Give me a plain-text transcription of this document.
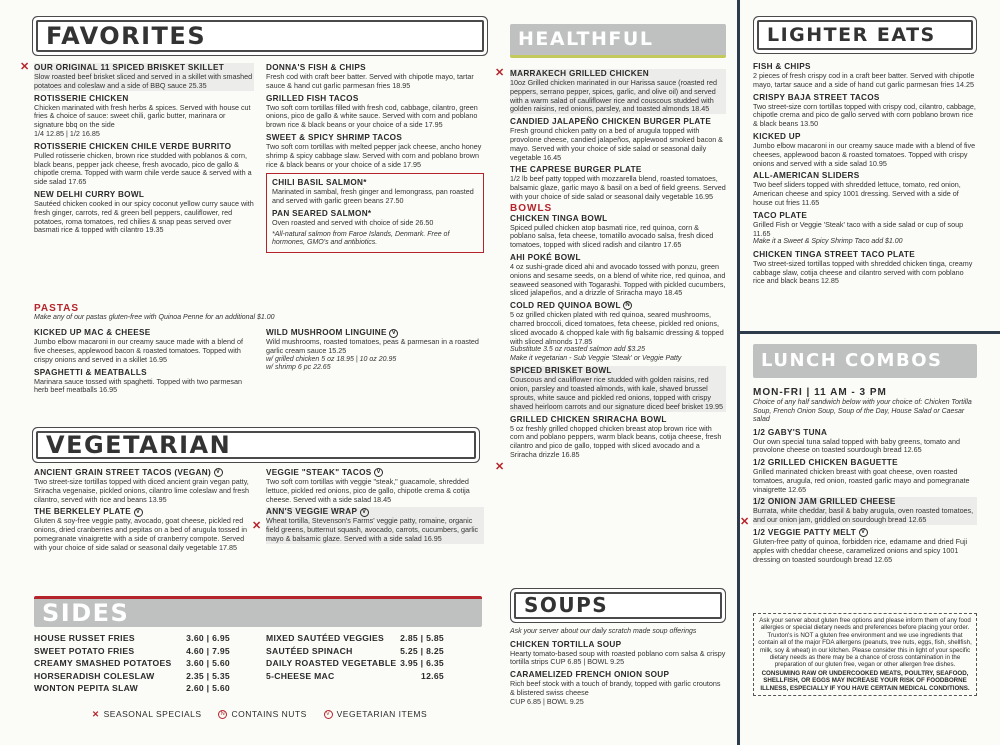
FAVORITES
✕ OUR ORIGINAL 11 SPICED BRISKET SKILLET
Slow roasted beef brisket sliced and served in a skillet with smashed potatoes and coleslaw and a side of BBQ sauce 25.35
ROTISSERIE CHICKEN
Chicken marinated with fresh herbs & spices. Served with house cut fries & choice of sauce: sweet chili, garlic butter, marinara or signature bbq on the side
1/4 12.85 | 1/2 16.85
ROTISSERIE CHICKEN CHILE VERDE BURRITO
Pulled rotisserie chicken, brown rice studded with poblanos & corn, black beans, pepper jack cheese, fresh avocado, pico de gallo & chipotle crema. Topped with warm chile verde sauce & served with a side salad 17.65
NEW DELHI CURRY BOWL
Sautéed chicken cooked in our spicy coconut yellow curry sauce with fresh ginger, carrots, red & green bell peppers, cauliflower, red potatoes, roma tomatoes, red chilies & snap peas served over basmati rice & topped with cilantro 19.35
DONNA'S FISH & CHIPS
Fresh cod with craft beer batter. Served with chipotle mayo, tartar sauce & hand cut garlic parmesan fries 18.95
GRILLED FISH TACOS
Two soft corn tortillas filled with fresh cod, cabbage, cilantro, green onions, pico de gallo & white sauce. Served with corn and poblano brown rice & black beans or your choice of a side 17.95
SWEET & SPICY SHRIMP TACOS
Two soft corn tortillas with melted pepper jack cheese, ancho honey shrimp & spicy cabbage slaw. Served with corn and poblano brown rice & black beans or your choice of a side 17.95
CHILI BASIL SALMON*
Marinated in sambal, fresh ginger and lemongrass, pan roasted and served with garlic green beans 27.50
PAN SEARED SALMON*
Oven roasted and served with choice of side 26.50
*All-natural salmon from Faroe Islands, Denmark. Free of hormones, GMO's and antibiotics.
PASTAS
Make any of our pastas gluten-free with Quinoa Penne for an additional $1.00
KICKED UP MAC & CHEESE
Jumbo elbow macaroni in our creamy sauce made with a blend of five cheeses, applewood bacon & roasted tomatoes. Topped with crispy onions and served in a skillet 16.95
SPAGHETTI & MEATBALLS
Marinara sauce tossed with spaghetti. Topped with two parmesan herb beef meatballs 16.95
WILD MUSHROOM LINGUINE V
Wild mushrooms, roasted tomatoes, peas & parmesan in a roasted garlic cream sauce 15.25
w/ grilled chicken 5 oz 18.95 | 10 oz 20.95
w/ shrimp 6 pc 22.65
VEGETARIAN
ANCIENT GRAIN STREET TACOS (VEGAN) V
Two street-size tortillas topped with diced ancient grain vegan patty, Sriracha vegenaise, pickled onions, cilantro lime coleslaw and fresh cilantro, served with rice and beans 13.95
THE BERKELEY PLATE V
Gluten & soy-free veggie patty, avocado, goat cheese, pickled red onions, dried cranberries and pepitas on a bed of arugula tossed in pomegranate vinaigrette with a side of cranberry compote. Served with your choice of side salad or seasonal daily vegetable 17.85
✕
VEGGIE "STEAK" TACOS V
Two soft corn tortillas with veggie "steak," guacamole, shredded lettuce, pickled red onions, pico de gallo, chipotle crema & cotija cheese. Served with a side salad 18.45
ANN'S VEGGIE WRAP V
Wheat tortilla, Stevenson's Farms' veggie patty, romaine, organic field greens, butternut squash, avocado, carrots, cucumbers, garlic mayo & balsamic glaze. Served with a side salad 16.95
SIDES
HOUSE RUSSET FRIES	3.60 | 6.95
SWEET POTATO FRIES	4.60 | 7.95
CREAMY SMASHED POTATOES 3.60 | 5.60
HORSERADISH COLESLAW	2.35 | 5.35
WONTON PEPITA SLAW	2.60 | 5.60
MIXED SAUTÉED VEGGIES 2.85 | 5.85
SAUTÉED SPINACH	5.25 | 8.25
DAILY ROASTED VEGETABLE 3.95 | 6.35
5-CHEESE MAC	12.65
✕ SEASONAL SPECIALS	N CONTAINS NUTS	V VEGETARIAN ITEMS
HEALTHFUL
✕ MARRAKECH GRILLED CHICKEN
10oz Grilled chicken marinated in our Harissa sauce (roasted red peppers, serrano pepper, spices, garlic, and olive oil) and served with a warm salad of cauliflower rice and couscous studded with golden raisins, red onions, parsley, and toasted almonds 18.45
CANDIED JALAPEÑO CHICKEN BURGER PLATE
Fresh ground chicken patty on a bed of arugula topped with provolone cheese, candied jalapeños, applewood smoked bacon & mayo. Served with your choice of side salad or seasonal daily vegetable 16.45
THE CAPRESE BURGER PLATE
1/2 lb beef patty topped with mozzarella blend, roasted tomatoes, balsamic glaze, garlic mayo & basil on a bed of field greens. Served with your choice of side salad or seasonal daily vegetable 16.95
BOWLS
CHICKEN TINGA BOWL
Spiced pulled chicken atop basmati rice, red quinoa, corn & poblano salsa, feta cheese, tomatillo avocado salsa, fresh diced tomatoes, topped with sliced radish and cilantro 17.65
AHI POKÉ BOWL
4 oz sushi-grade diced ahi and avocado tossed with ponzu, green onions and sesame seeds, on a blend of white rice, red quinoa, and seaweed seasoned with Togarashi. Topped with pickled cucumbers, sliced jalapeños, and a drizzle of Sriracha mayo 18.45
COLD RED QUINOA BOWL N
5 oz grilled chicken plated with red quinoa, seared mushrooms, charred broccoli, diced tomatoes, feta cheese, pickled red onions, sliced avocado & chopped kale with fig balsamic dressing & topped with sliced almonds 17.85
Substitute 3.5 oz roasted salmon add $3.25
Make it vegetarian - Sub Veggie 'Steak' or Veggie Patty
SPICED BRISKET BOWL
Couscous and cauliflower rice studded with golden raisins, red onion, parsley and toasted almonds, with kale, shaved brussel sprouts, white sauce and pickled red onions, topped with crispy shaved heirloom carrots and our signature diced beef brisket 19.95
GRILLED CHICKEN SRIRACHA BOWL
5 oz freshly grilled chopped chicken breast atop brown rice with corn and poblano peppers, warm black beans, cotija cheese, fresh cilantro and pico de gallo, topped with sliced avocado and a Sriracha drizzle 16.85
✕
SOUPS
Ask your server about our daily scratch made soup offerings
CHICKEN TORTILLA SOUP
Hearty tomato-based soup with roasted poblano corn salsa & crispy tortilla strips CUP 6.85 | BOWL 9.25
CARAMELIZED FRENCH ONION SOUP
Rich beef stock with a touch of brandy, topped with garlic croutons & blistered swiss cheese
CUP 6.85 | BOWL 9.25
LIGHTER EATS
FISH & CHIPS
2 pieces of fresh crispy cod in a craft beer batter. Served with chipotle mayo, tartar sauce and a side of hand cut garlic parmesan fries 14.25
CRISPY BAJA STREET TACOS
Two street-size corn tortillas topped with crispy cod, cilantro, cabbage, chipotle crema and pico de gallo served with corn poblano brown rice & black beans 13.50
KICKED UP
Jumbo elbow macaroni in our creamy sauce made with a blend of five cheeses, applewood bacon & roasted tomatoes. Topped with crispy onions and served with a side salad 10.95
ALL-AMERICAN SLIDERS
Two beef sliders topped with shredded lettuce, tomato, red onion, American cheese and spicy 1001 dressing. Served with a side of house cut fries 11.65
TACO PLATE
Grilled Fish or Veggie 'Steak' taco with a side salad or cup of soup 11.65
Make it a Sweet & Spicy Shrimp Taco add $1.00
CHICKEN TINGA STREET TACO PLATE
Two street-sized tortillas topped with shredded chicken tinga, creamy cabbage slaw, cotija cheese and cilantro served with corn poblano rice and black beans 12.85
LUNCH COMBOS
✕
MON-FRI | 11 AM - 3 PM
Choice of any half sandwich below with your choice of: Chicken Tortilla Soup, French Onion Soup, Soup of the Day, House Salad or Caesar salad
1/2 GABY'S TUNA
Our own special tuna salad topped with baby greens, tomato and provolone cheese on toasted sourdough bread 12.65
1/2 GRILLED CHICKEN BAGUETTE
Grilled marinated chicken breast with goat cheese, oven roasted tomatoes, arugula, red onion, roasted garlic mayo and pomegranate vinaigrette 12.65
1/2 ONION JAM GRILLED CHEESE
Burrata, white cheddar, basil & baby arugula, oven roasted tomatoes, and our onion jam, griddled on sourdough bread 12.65
1/2 VEGGIE PATTY MELT V
Gluten-free patty of quinoa, forbidden rice, edamame and dried Fuji apples with cheddar cheese, caramelized onions and spicy 1001 dressing on toasted sourdough bread 12.65
Ask your server about gluten free options and please inform them of any food allergies or special dietary needs and preferences before placing your order. Truxton's is NOT a gluten free environment and we use ingredients that contain all of the major FDA allergens (peanuts, tree nuts, eggs, fish, shellfish, milk, soy & wheat) in our kitchen. Please consider this in light of your specific dietary needs as there may be a chance of cross contamination in the preparation of our gluten free, vegan or other allergen free dishes.
CONSUMING RAW OR UNDERCOOKED MEATS, POULTRY, SEAFOOD, SHELLFISH, OR EGGS MAY INCREASE YOUR RISK OF FOODBORNE ILLNESS, ESPECIALLY IF YOU HAVE CERTAIN MEDICAL CONDITIONS.
